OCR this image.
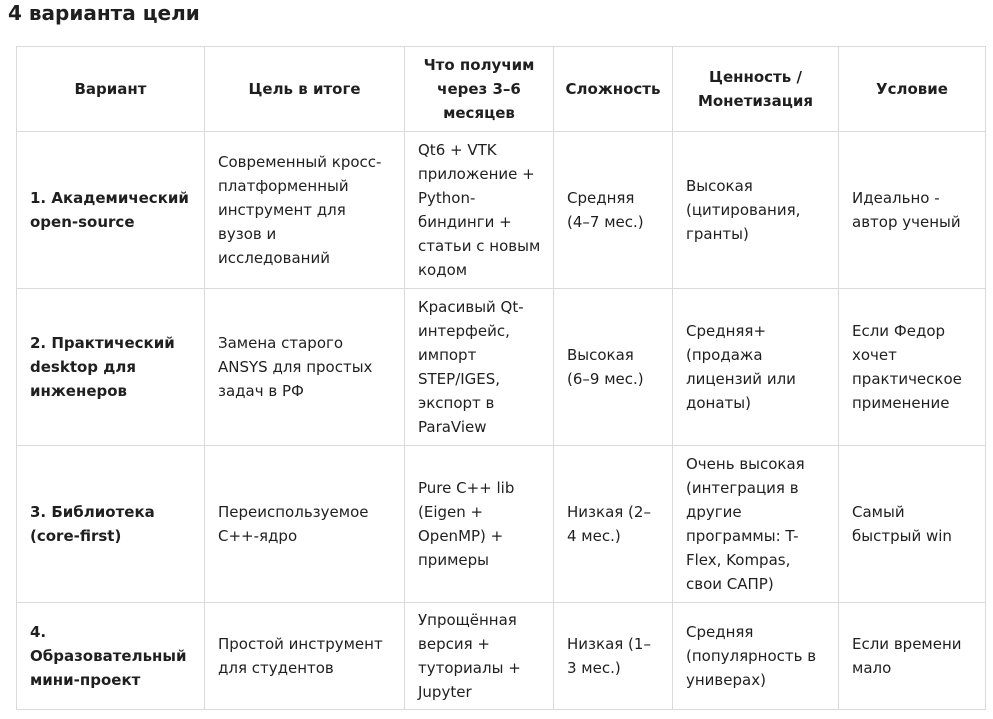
4 варианта цели
Вариант	Цель в итоге	Что получим через 3–6 месяцев	Сложность	Ценность / Монетизация	Условие
1. Академический open-source	Современный кросс-платформенный инструмент для вузов и исследований	Qt6 + VTK приложение + Python-биндинги + статьи с новым кодом	Средняя (4–7 мес.)	Высокая (цитирования, гранты)	Идеально - автор ученый
2. Практический desktop для инженеров	Замена старого ANSYS для простых задач в РФ	Красивый Qt-интерфейс, импорт STEP/IGES, экспорт в ParaView	Высокая (6–9 мес.)	Средняя+ (продажа лицензий или донаты)	Если Федор хочет практическое применение
3. Библиотека (core-first)	Переиспользуемое C++-ядро	Pure C++ lib (Eigen + OpenMP) + примеры	Низкая (2–4 мес.)	Очень высокая (интеграция в другие программы: T-Flex, Kompas, свои САПР)	Самый быстрый win
4. Образовательный мини-проект	Простой инструмент для студентов	Упрощённая версия + туториалы + Jupyter	Низкая (1–3 мес.)	Средняя (популярность в универах)	Если времени мало
